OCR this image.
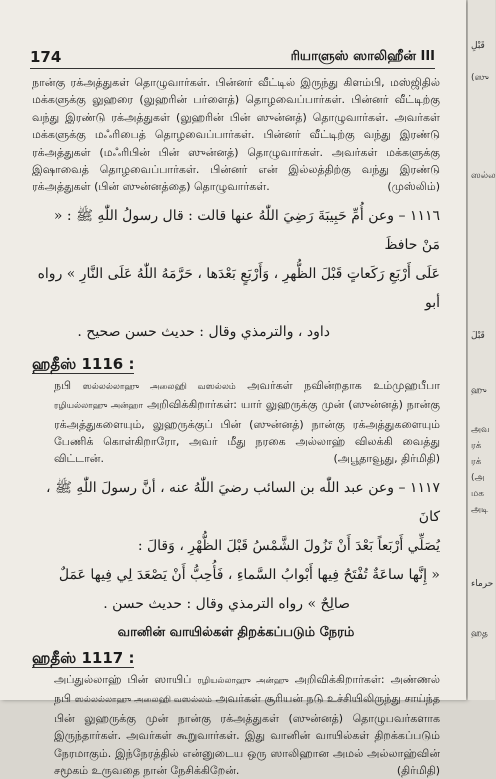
174	ரியாளுஸ் ஸாலிஹீன் III

நான்கு ரக்அத்துகள் தொழுவார்கள். பின்னர் வீட்டில் இருந்து கிளம்பி, மஸ்ஜிதில் மக்களுக்கு லுஹரை (லுஹரின் பர்ளைத்) தொழவைப்பார்கள். பின்னர் வீட்டிற்கு வந்து இரண்டு ரக்அத்துகள் (லுஹரின் பின் ஸுன்னத்) தொழுவார்கள். அவர்கள் மக்களுக்கு மஃரிபைத் தொழவைப்பார்கள். பின்னர் வீட்டிற்கு வந்து இரண்டு ரக்அத்துகள் (மஃரிபின் பின் ஸுன்னத்) தொழுவார்கள். அவர்கள் மக்களுக்கு இஷாவைத் தொழவைப்பார்கள். பின்னர் என் இல்லத்திற்கு வந்து இரண்டு ரக்அத்துகள் (பின் ஸுன்னத்தை) தொழுவார்கள்.	(முஸ்லிம்)

١١١٦ – وعن أُمِّ حَبِيبَةَ رَضِيَ اللّٰهُ عنها قالت : قال رسولُ اللّٰهِ ﷺ : « مَنْ حافظَ

عَلَى أَرْبَعِ رَكَعاتٍ قَبْلَ الظُّهرِ ، وَأَرْبَعٍ بَعْدَها ، حَرَّمَهُ اللّٰهُ عَلَى النَّارِ » رواه أبو

داود ، والترمذي وقال : حديث حسن صحيح .

ஹதீஸ் 1116 :

நபி ஸல்லல்லாஹு அலைஹி வஸல்லம் அவர்கள் நவின்றதாக உம்முஹபீபா ரழியல்லாஹு அன்ஹா அறிவிக்கிறார்கள்: யார் லுஹருக்கு முன் (ஸுன்னத்) நான்கு ரக்அத்துகளையும், லுஹருக்குப் பின் (ஸுன்னத்) நான்கு ரக்அத்துகளையும் பேணிக் கொள்கிறாரோ, அவர் மீது நரகை அல்லாஹ் விலக்கி வைத்து விட்டான்.	(அபூதாவூது, திர்மிதி)

١١١٧ – وعن عبد اللّٰه بن السائب رضيَ اللّٰهُ عنه ، أنَّ رسولَ اللّٰهِ ﷺ ، كانَ

يُصَلِّي أَرْبَعاً بَعْدَ أَنْ تَزُولَ الشَّمْسُ قَبْلَ الظُّهْرِ ، وَقالَ :

« إِنَّها ساعَةٌ تُفْتَحُ فِيها أَبْوابُ السَّماءِ ، فَأُحِبُّ أَنْ يَصْعَدَ لِي فِيها عَمَلٌ

صالِحٌ » رواه الترمذي وقال : حديث حسن .

வானின் வாயில்கள் திறக்கப்படும் நேரம்
ஹதீஸ் 1117 :

அப்துல்லாஹ் பின் ஸாயிப் ரழியல்லாஹு அன்ஹு அறிவிக்கிறார்கள்: அண்ணல் நபி ஸல்லல்லாஹு அலைஹி வஸல்லம் அவர்கள் சூரியன் நடு உச்சியிலிருந்து சாய்ந்த பின் லுஹருக்கு முன் நான்கு ரக்அத்துகள் (ஸுன்னத்) தொழுபவர்களாக இருந்தார்கள். அவர்கள் கூறுவார்கள். இது வானின் வாயில்கள் திறக்கப்படும் நேரமாகும். இந்நேரத்தில் என்னுடைய ஒரு ஸாலிஹான அமல் அல்லாஹ்வின் சமூகம் உருவதை நான் நேசிக்கிறேன்.	(திர்மிதி)

قَبْلِ
(ஸு
ஸல்ல
قَبْلَ
ஹு
அவ
ரக்
ரக்
(அ
மக
அடி
حرماء
ஹத
